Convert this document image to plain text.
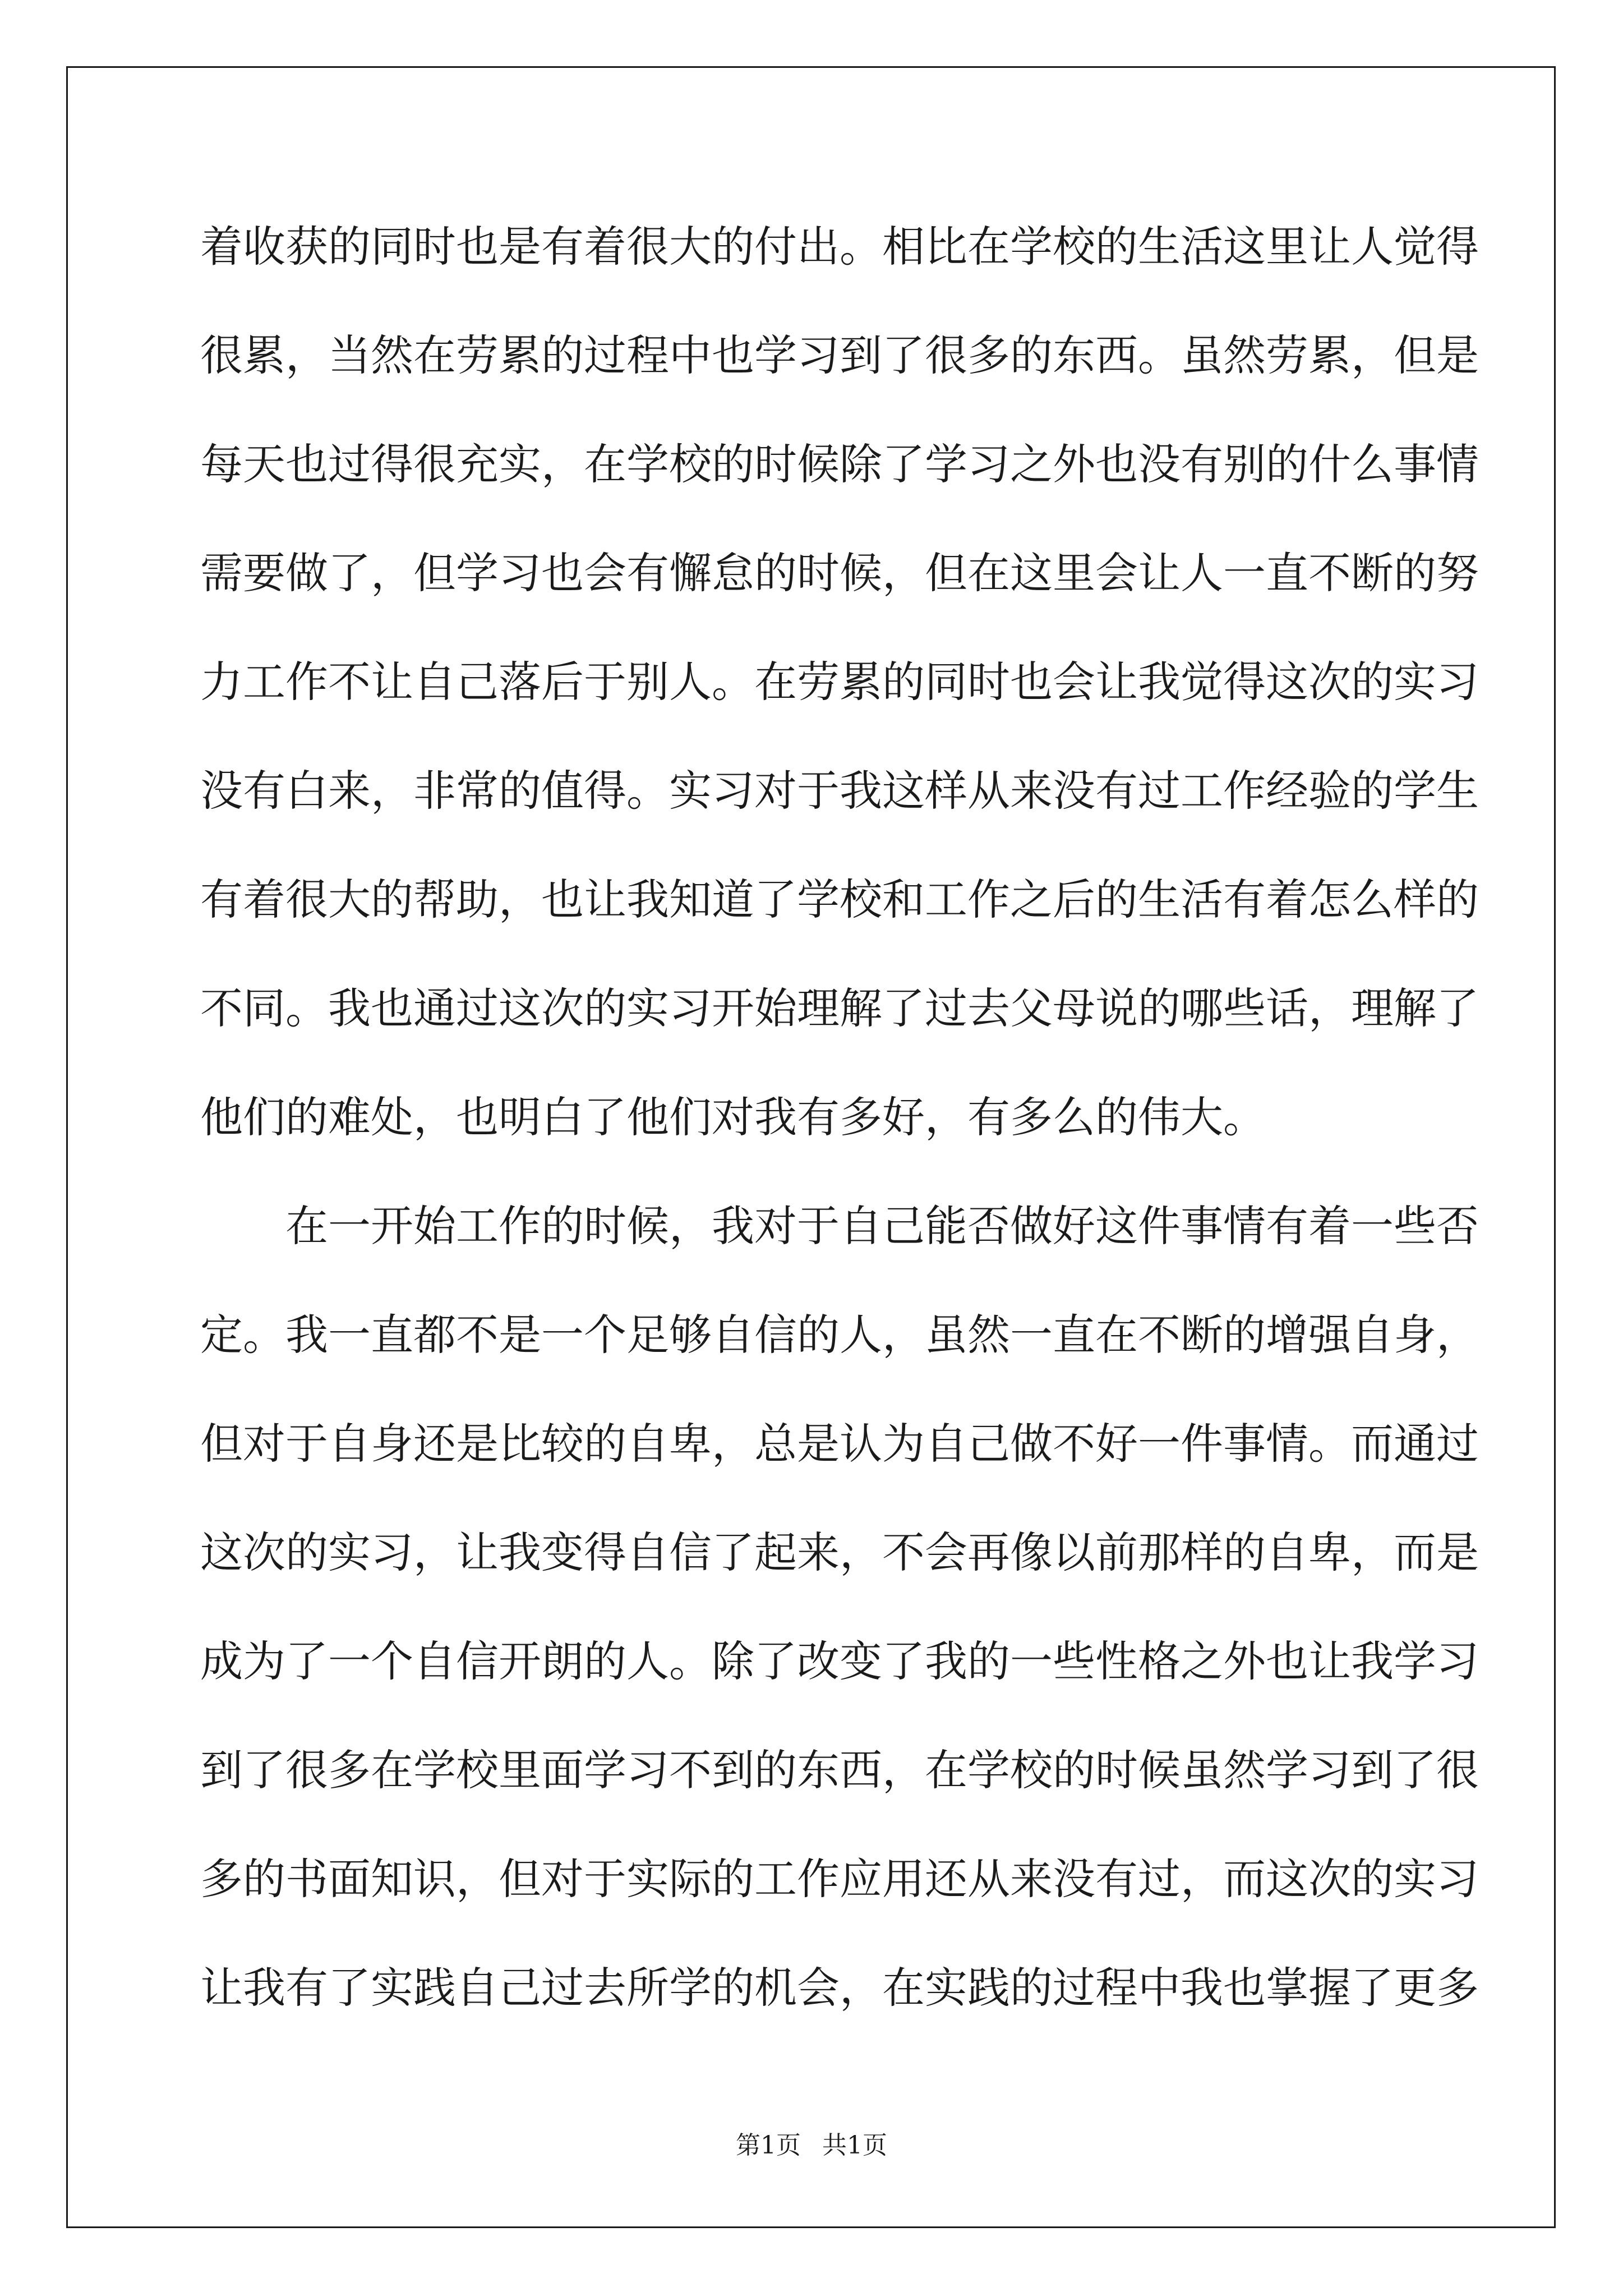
着收获的同时也是有着很大的付出。相比在学校的生活这里让人觉得
很累，当然在劳累的过程中也学习到了很多的东西。虽然劳累，但是
每天也过得很充实，在学校的时候除了学习之外也没有别的什么事情
需要做了，但学习也会有懈怠的时候，但在这里会让人一直不断的努
力工作不让自己落后于别人。在劳累的同时也会让我觉得这次的实习
没有白来，非常的值得。实习对于我这样从来没有过工作经验的学生
有着很大的帮助，也让我知道了学校和工作之后的生活有着怎么样的
不同。我也通过这次的实习开始理解了过去父母说的哪些话，理解了
他们的难处，也明白了他们对我有多好，有多么的伟大。
在一开始工作的时候，我对于自己能否做好这件事情有着一些否
定。我一直都不是一个足够自信的人，虽然一直在不断的增强自身，
但对于自身还是比较的自卑，总是认为自己做不好一件事情。而通过
这次的实习，让我变得自信了起来，不会再像以前那样的自卑，而是
成为了一个自信开朗的人。除了改变了我的一些性格之外也让我学习
到了很多在学校里面学习不到的东西，在学校的时候虽然学习到了很
多的书面知识，但对于实际的工作应用还从来没有过，而这次的实习
让我有了实践自己过去所学的机会，在实践的过程中我也掌握了更多
第1页 共1页
